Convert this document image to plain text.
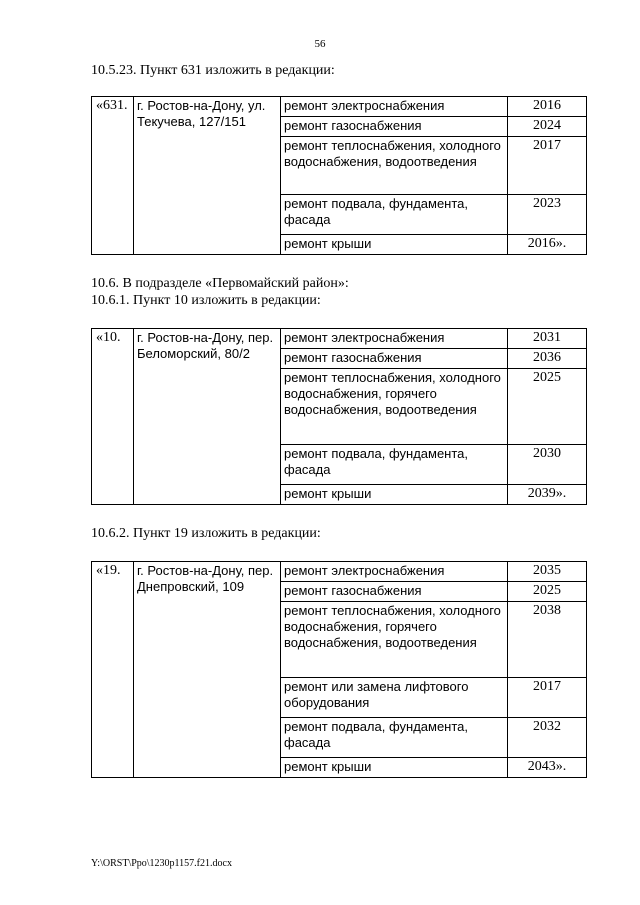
56
10.5.23. Пункт 631 изложить в редакции:
«631.	г. Ростов-на-Дону, ул. Текучева, 127/151	ремонт электроснабжения	2016
		ремонт газоснабжения	2024
		ремонт теплоснабжения, холодного водоснабжения, водоотведения	2017
		ремонт подвала, фундамента, фасада	2023
		ремонт крыши	2016».
10.6. В подразделе «Первомайский район»:
10.6.1. Пункт 10 изложить в редакции:
«10.	г. Ростов-на-Дону, пер. Беломорский, 80/2	ремонт электроснабжения	2031
		ремонт газоснабжения	2036
		ремонт теплоснабжения, холодного водоснабжения, горячего водоснабжения, водоотведения	2025
		ремонт подвала, фундамента, фасада	2030
		ремонт крыши	2039».
10.6.2. Пункт 19 изложить в редакции:
«19.	г. Ростов-на-Дону, пер. Днепровский, 109	ремонт электроснабжения	2035
		ремонт газоснабжения	2025
		ремонт теплоснабжения, холодного водоснабжения, горячего водоснабжения, водоотведения	2038
		ремонт или замена лифтового оборудования	2017
		ремонт подвала, фундамента, фасада	2032
		ремонт крыши	2043».
Y:\ORST\Ppo\1230p1157.f21.docx
